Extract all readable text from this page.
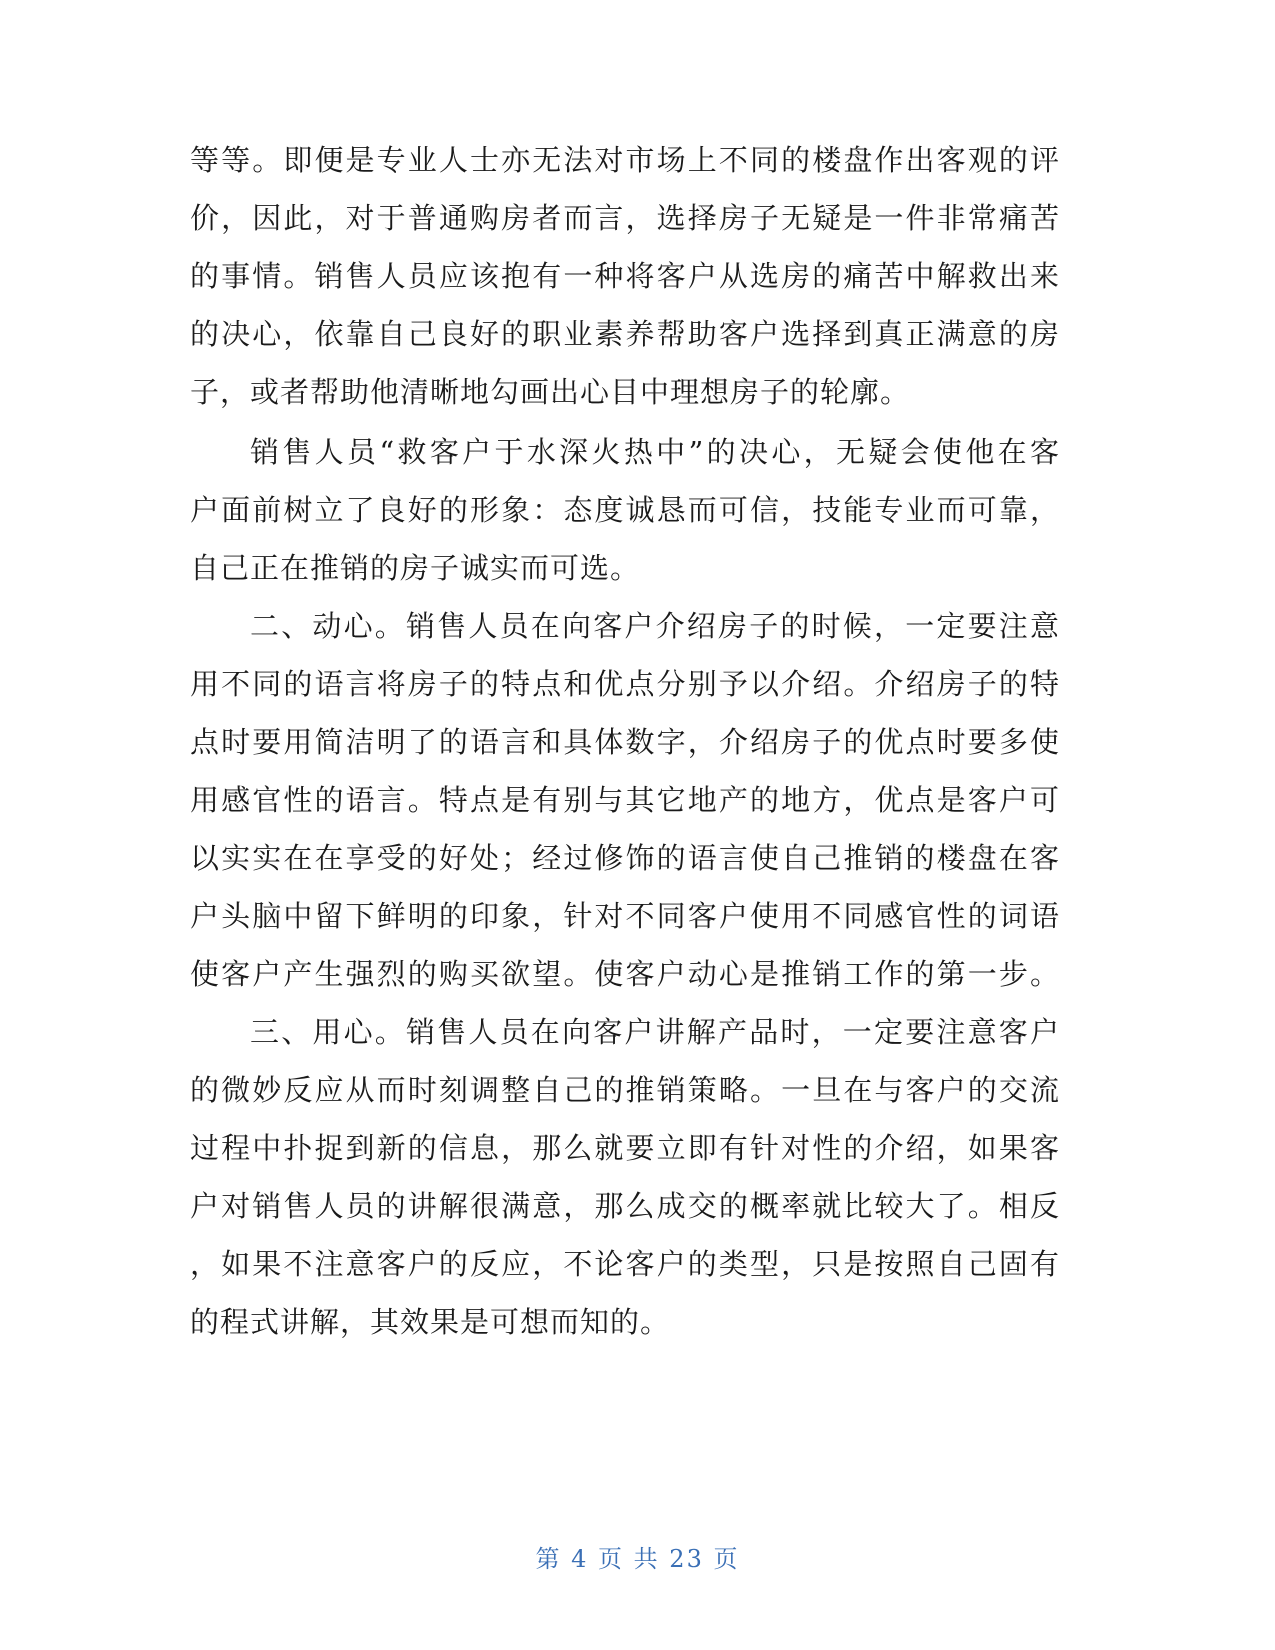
等等。即便是专业人士亦无法对市场上不同的楼盘作出客观的评
价，因此，对于普通购房者而言，选择房子无疑是一件非常痛苦
的事情。销售人员应该抱有一种将客户从选房的痛苦中解救出来
的决心，依靠自己良好的职业素养帮助客户选择到真正满意的房
子，或者帮助他清晰地勾画出心目中理想房子的轮廓。
销售人员“救客户于水深火热中”的决心，无疑会使他在客
户面前树立了良好的形象：态度诚恳而可信，技能专业而可靠，
自己正在推销的房子诚实而可选。
二、动心。销售人员在向客户介绍房子的时候，一定要注意
用不同的语言将房子的特点和优点分别予以介绍。介绍房子的特
点时要用简洁明了的语言和具体数字，介绍房子的优点时要多使
用感官性的语言。特点是有别与其它地产的地方，优点是客户可
以实实在在享受的好处；经过修饰的语言使自己推销的楼盘在客
户头脑中留下鲜明的印象，针对不同客户使用不同感官性的词语
使客户产生强烈的购买欲望。使客户动心是推销工作的第一步。
三、用心。销售人员在向客户讲解产品时，一定要注意客户
的微妙反应从而时刻调整自己的推销策略。一旦在与客户的交流
过程中扑捉到新的信息，那么就要立即有针对性的介绍，如果客
户对销售人员的讲解很满意，那么成交的概率就比较大了。相反
，如果不注意客户的反应，不论客户的类型，只是按照自己固有
的程式讲解，其效果是可想而知的。
第 4 页 共 23 页
